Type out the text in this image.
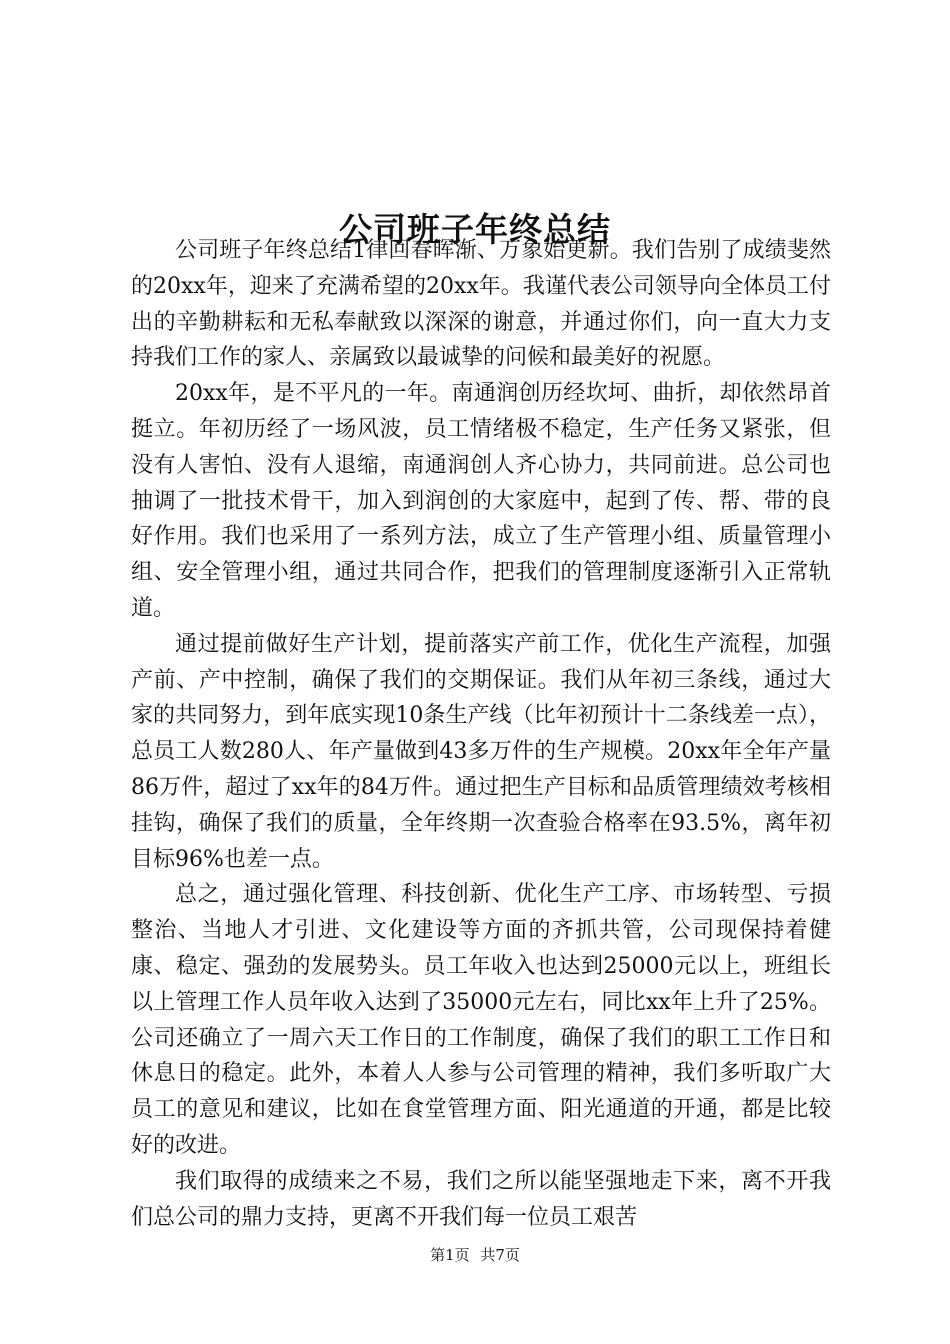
公司班子年终总结

公司班子年终总结1律回春晖渐、万象始更新。我们告别了成绩斐然的20xx年，迎来了充满希望的20xx年。我谨代表公司领导向全体员工付出的辛勤耕耘和无私奉献致以深深的谢意，并通过你们，向一直大力支持我们工作的家人、亲属致以最诚挚的问候和最美好的祝愿。

20xx年，是不平凡的一年。南通润创历经坎坷、曲折，却依然昂首挺立。年初历经了一场风波，员工情绪极不稳定，生产任务又紧张，但没有人害怕、没有人退缩，南通润创人齐心协力，共同前进。总公司也抽调了一批技术骨干，加入到润创的大家庭中，起到了传、帮、带的良好作用。我们也采用了一系列方法，成立了生产管理小组、质量管理小组、安全管理小组，通过共同合作，把我们的管理制度逐渐引入正常轨道。

通过提前做好生产计划，提前落实产前工作，优化生产流程，加强产前、产中控制，确保了我们的交期保证。我们从年初三条线，通过大家的共同努力，到年底实现10条生产线（比年初预计十二条线差一点），总员工人数280人、年产量做到43多万件的生产规模。20xx年全年产量86万件，超过了xx年的84万件。通过把生产目标和品质管理绩效考核相挂钩，确保了我们的质量，全年终期一次查验合格率在93.5%，离年初目标96%也差一点。

总之，通过强化管理、科技创新、优化生产工序、市场转型、亏损整治、当地人才引进、文化建设等方面的齐抓共管，公司现保持着健康、稳定、强劲的发展势头。员工年收入也达到25000元以上，班组长以上管理工作人员年收入达到了35000元左右，同比xx年上升了25%。公司还确立了一周六天工作日的工作制度，确保了我们的职工工作日和休息日的稳定。此外，本着人人参与公司管理的精神，我们多听取广大员工的意见和建议，比如在食堂管理方面、阳光通道的开通，都是比较好的改进。

我们取得的成绩来之不易，我们之所以能坚强地走下来，离不开我们总公司的鼎力支持，更离不开我们每一位员工艰苦

第1页 共7页
